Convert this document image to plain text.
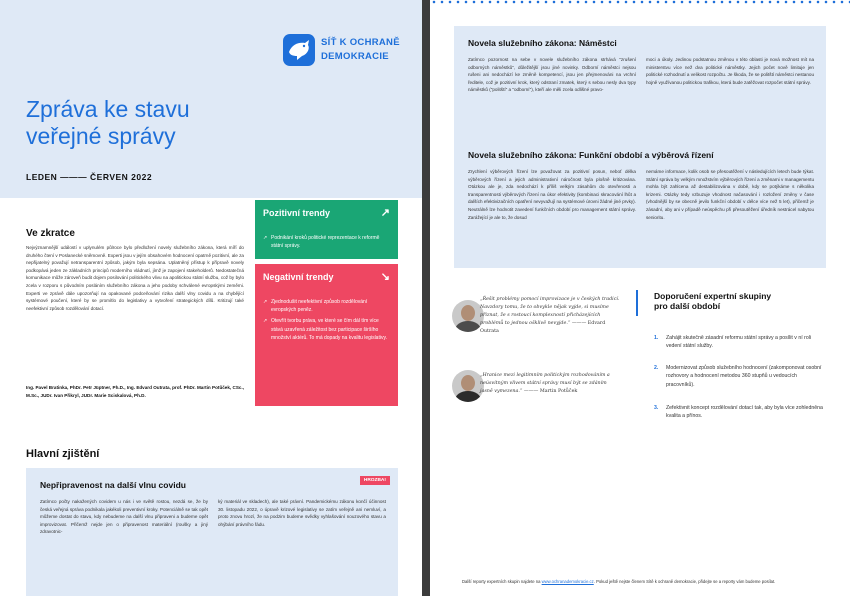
SÍŤ K OCHRANĚ
DEMOKRACIE
Zpráva ke stavu
veřejné správy
LEDEN ——— ČERVEN 2022
Ve zkratce
Nejvýznamnější událostí v uplynulém půlroce bylo předložení novely služebního zákona, která míří do druhého čtení v Poslanecké sněmovně. Experti jsou v jejím obsahovém hodnocení opatrně pozitivní, ale za nepřijatelný považují netransparentní způsob, jakým byla sepsána. Uplatněný přístup k přípravě novely podkopává jeden ze základních principů moderního vládnutí, jímž je zapojení stakeholderů. Nedostatečná komunikace může zároveň budit dojem posilování politického vlivu na apolitickou státní službu, což by bylo zcela v rozporu s původním posláním služebního zákona a jeho podoby schválené evropskými zeměmi. Experti ve zprávě dále upozorňují na opakované podceňování rizika další vlny covidu a na chybějící systémové poučení, které by se promítlo do legislativy a vytvoření strategických dílů. Kritizují také neefektivní způsob rozdělování dotací.
Ing. Pavel Bratinka, PhDr. Petr Jüptner, Ph.D., Ing. Edvard Outrata, prof. PhDr. Martin Potůček, CSc., M.Sc., JUDr. Ivan Přikryl, JUDr. Marie Sciskalová, Ph.D.
Pozitivní trendy	↗
↗ Podnikání kroků politické reprezentace k reformě státní správy.
Negativní trendy	↘
↗ Zjednodušit neefektivní způsob rozdělování evropských peněz.
↗ Otevřít tvorbu práva, ve které se čím dál tím více stává uzavřená záležitost bez participace širšího množství aktérů. To má dopady na kvalitu legislativy.
Hlavní zjištění
Nepřipravenost na další vlnu covidu	HROZBA!
Zatímco počty nakažených covidem u nás i ve světě rostou, nezdá se, že by česká veřejná správa podnikala jakékoli preventivní kroky. Potenciálně se tak opět můžeme dostat do stavu, kdy nebudeme na další vlnu připraveni a budeme opět improvizovat. Přičemž nejde jen o připravenost materiální (roušky a jiný zdravotnic-
ký materiál ve skladech), ale také právní. Pandemickému zákonu končí účinnost 30. listopadu 2022, o úpravě krizové legislativy se zatím veřejně ani nemluví, a proto znovu hrozí, že na podzim budeme svědky vyhlašování nouzového stavu a ohýbání právního řádu.
Novela služebního zákona: Náměstci
Zatímco pozornost na sebe v novele služebního zákona strhává "zrušení odborných náměstků", důležitější jsou jiné novinky. Odborní náměstci nejsou rušeni ani nedochází ke změně kompetencí, jsou jen přejmenováni na vrchní ředitele, což je pozitivní krok, který odstraní zmatek, který s sebou nesly dva typy náměstků ("politští" a "odborní"), kteří ale měli zcela odlišné pravo-
moci a úkoly. Jedinou podstatnou změnou v této oblasti je nová možnost mít na ministerstvu více než dva politické náměstky. Jejich počet nově limituje jen politické rozhodnutí a velikost rozpočtu. Je škoda, že se politští náměstci nestanou hojně využívanou politickou trafikou, která bude zatěžovat rozpočet státní správy.
Novela služebního zákona: Funkční období a výběrová řízení
Zrychlení výběrových řízení lze považovat za pozitivní posun, neboť délka výběrových řízení a jejich administrativní náročnost byla plošně kritizována. Otázkou ale je, zda nedochází k příliš velkým zásahům do otevřenosti a transparentnosti výběrových řízení na úkor efektivity (kombinaci skracování lhůt a dalších efektivizačních opatření nevyvažují na systémové úrovni žádné jiné prvky). Neutrálně lze hodnotit zavedení funkčních období pro management státní správy. Zarážející je ale to, že dosud
nemáme informace, kolik osob se přesoutěžení v následujících letech bude týkat. Státní správa by velkým množstvím výběrových řízení a změnami v managementu mohla být zahlcena až destabilizována v době, kdy se potýkáme s několika krizemi. Otázky tedy vzbuzuje vhodnost načasování i rozložení změny v čase (vhodnější by se obecně jevilo funkční období v délce více než 5 let), přičemž je zásadní, aby ani v případě neúspěchu při přesoutěžení úředník nestrácel nabytou senioritu.
„Řešit problémy pomocí improvizace je v českých tradicí. Navzdory tomu, že to obvykle nějak vyjde, si musíme přiznat, že s rostoucí komplexností přicházejících problémů to jednou ošklivě nevyjde.“ ——— Edvard Outrata
„Hranice mezi legitimním politickým rozhodováním a neúsvitným vlivem státní správy musí být se zdáním jasně vymezena.“ ——— Martin Potůček
Doporučení expertní skupiny
pro další období
1. Zahájit skutečně zásadní reformu státní správy a posílit v ní roli vedení státní služby.
2. Modernizovat způsob služebního hodnocení (zakomponovat osobní rozhovory a hodnocení metodou 360 stupňů u vedoucích pracovníků).
3. Zefektivnit koncept rozdělování dotací tak, aby byla více zohledněna kvalita a přínos.
Další reporty expertních skupin najdete na www.ochranademokracie.cz. Pokud ještě nejste členem Sítě k ochraně demokracie, přidejte se a reporty vám budeme posílat.
